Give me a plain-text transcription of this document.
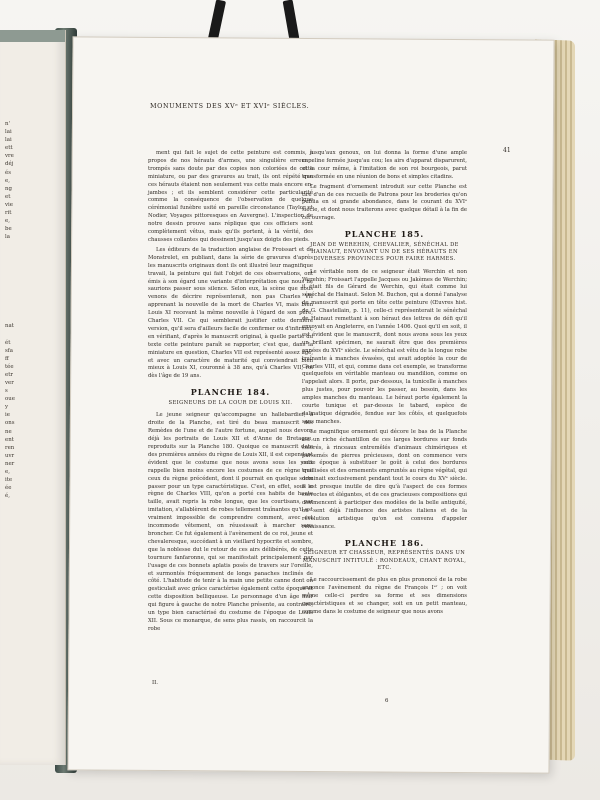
n'
lai
lai
ett
vre
déj
és
e,
ng
et
vie
rit
e,
be
la

nat

ét
sfa
ff
tée
etr
ver
s
oue
y
ie
ons
ne
ent
ren
uvr
ner
e,
ite
ée
é,
MONUMENTS DES XVᵉ ET XVIᵉ SIÈCLES.
41

ment qui fait le sujet de cette peinture est commis, à propos de nos hérauts d'armes, une singulière erreur : trompés sans doute par des copies non coloriées de cette miniature, ou par des gravures au trait, ils ont répété que ces hérauts étaient non seulement vus cette mais encore en-jambes ; et ils semblent considérer cette particularité comme la conséquence de l'observation de quelque cérémonial funèbre usité en pareille circonstance (Taylor et Nodier, Voyages pittoresques en Auvergne). L'inspection de notre dessin prouve sans réplique que ces officiers sont complètement vêtus, mais qu'ils portent, à la vérité, des chausses collantes qui dessinent jusqu'aux doigts des pieds.

Les éditeurs de la traduction anglaise de Froissart et de Monstrelet, en publiant, dans la série de gravures d'après les manuscrits originaux dont ils ont illustré leur magnifique travail, la peinture qui fait l'objet de ces observations, ont émis à son égard une variante d'interprétation que nous ne saurions passer sous silence. Selon eux, la scène que nous venons de décrire représenterait, non pas Charles VII apprenant la nouvelle de la mort de Charles VI, mais bien Louis XI recevant la même nouvelle à l'égard de son père, Charles VII. Ce qui semblerait justifier cette dernière version, qu'il sera d'ailleurs facile de confirmer ou d'infirmer, en vérifiant, d'après le manuscrit original, à quelle partie du texte cette peinture paraît se rapporter, c'est que, dans la miniature en question, Charles VII est représenté assez âgé, et avec un caractère de maturité qui conviendrait bien mieux à Louis XI, couronné à 38 ans, qu'à Charles VII, roi dès l'âge de 19 ans.

PLANCHE 184.
SEIGNEURS DE LA COUR DE LOUIS XII.

Le jeune seigneur qu'accompagne un hallebardier, à droite de la Planche, est tiré du beau manuscrit des Remèdes de l'une et de l'autre fortune, auquel nous devons déjà les portraits de Louis XII et d'Anne de Bretagne, reproduits sur la Planche 180. Quoique ce manuscrit date des premières années du règne de Louis XII, il est cependant évident que le costume que nous avons sous les yeux rappelle bien moins encore les costumes de ce règne que ceux du règne précédent, dont il pourrait en quelque sorte passer pour un type caractéristique. C'est, en effet, sous le règne de Charles VIII, qu'on a porté ces habits de haute taille, avait repris la robe longue, que les courtisans, par imitation, s'allablèrent de robes tellement traînantes qu'il est vraiment impossible de comprendre comment, avec cet incommode vêtement, on réussissait à marcher sans broncher. Ce fut également à l'avènement de ce roi, jeune et chevaleresque, succédant à un vieillard hypocrite et sombre, que la noblesse dut le retour de ces airs délibérés, de cette tournure fanfaronne, qui se manifestait principalement par l'usage de ces bonnets aplatis posés de travers sur l'oreille, et surmontés fréquemment de longs panaches inclinés de côté. L'habitude de tenir à la main une petite canne dont on gesticulait avec grâce caractérise également cette époque et cette disposition belliqueuse. Le personnage d'un âge mûr qui figure à gauche de notre Planche présente, au contraire, un type bien caractérisé du costume de l'époque de Louis XII. Sous ce monarque, de sens plus rassis, on raccourcit la robe

jusqu'aux genoux, on lui donna la forme d'une ample capeline fermée jusqu'au cou; les airs d'apparat disparurent, et la cour même, à l'imitation de son roi bourgeois, parut transformée en une réunion de bons et simples citadins.

Le fragment d'ornement introduit sur cette Planche est tiré d'un de ces recueils de Patrons pour les broderies qu'on publia en si grande abondance, dans le courant du XVIᵉ siècle, et dont nous traiterons avec quelque détail à la fin de cet ouvrage.

PLANCHE 185.
JEAN DE WEREHIN, CHEVALIER, SÉNÉCHAL DE HAINAUT, ENVOYANT UN DE SES HÉRAUTS EN DIVERSES PROVINCES POUR FAIRE HARMES.

Le véritable nom de ce seigneur était Werchin et non Werehin; Froissart l'appelle Jacques ou Jakèmes de Werchin; il était fils de Gérard de Werchin, qui était comme lui sénéchal de Hainaut. Selon M. Buchon, qui a donné l'analyse du manuscrit qui porte en tête cette peinture (Œuvres hist. de G. Chastellain, p. 11), celle-ci représenterait le sénéchal de Hainaut remettant à son héraut des lettres de défi qu'il envoyait en Angleterre, en l'année 1406. Quoi qu'il en soit, il est évident que le manuscrit, dont nous avons sous les yeux un brillant spécimen, ne saurait être que des premières années du XVIᵉ siècle. Le sénéchal est vêtu de la longue robe traînante à manches évasées, qui avait adoptée la cour de Charles VIII, et qui, comme dans cet exemple, se transforme quelquefois en véritable manteau ou mandilion, comme on l'appelait alors. Il porte, par-dessous, la tunicelle à manches plus justes, pour pouvoir les passer, au besoin, dans les amples manches du manteau. Le héraut porte également la courte tunique et par-dessus le tabard, espèce de dalmatique dégradée, fendue sur les côtés, et quelquefois sans manches.

Le magnifique ornement qui décore le bas de la Planche est un riche échantillon de ces larges bordures sur fonds colorés, à rinceaux entremêlés d'animaux chimériques et parsemés de pierres précieuses, dont on commence vers cette époque à substituer le goût à celui des bordures treillisées et des ornements empruntés au règne végétal, qui dominait exclusivement pendant tout le cours du XVᵉ siècle. Il est presque inutile de dire qu'à l'aspect de ces formes correctes et élégantes, et de ces gracieuses compositions qui commencent à participer des modèles de la belle antiquité, on sent déjà l'influence des artistes italiens et de la révolution artistique qu'on est convenu d'appeler renaissance.

PLANCHE 186.
SEIGNEUR ET CHASSEUR, REPRÉSENTÉS DANS UN MANUSCRIT INTITULÉ : RONDEAUX, CHANT ROYAL, ETC.

Le raccourcissement de plus en plus prononcé de la robe annonce l'avènement du règne de François Iᵉʳ ; on voit même celle-ci perdre sa forme et ses dimensions caractéristiques et se changer, soit en un petit manteau, comme dans le costume de seigneur que nous avons

II.
6
